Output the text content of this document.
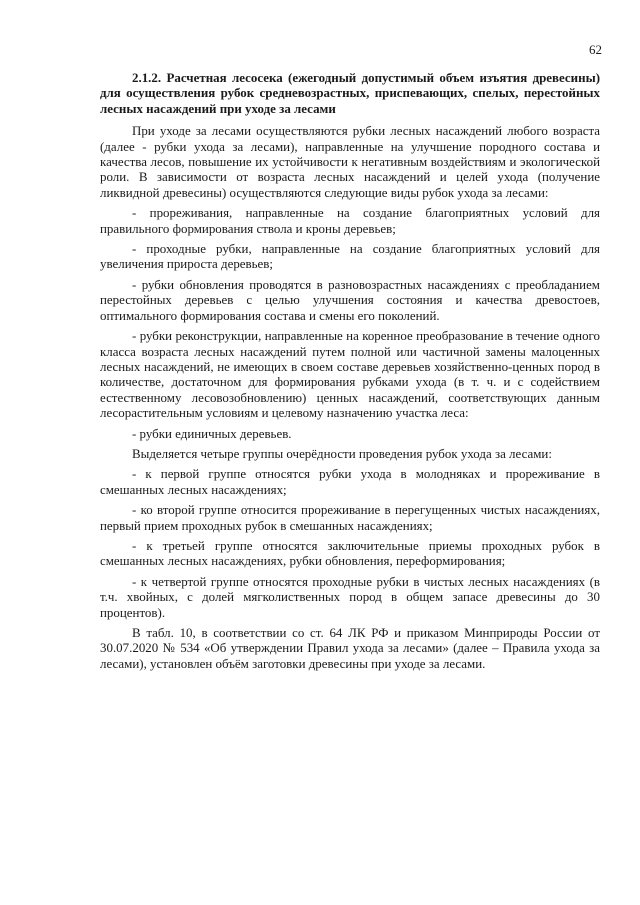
62

2.1.2. Расчетная лесосека (ежегодный допустимый объем изъятия древесины) для осуществления рубок средневозрастных, приспевающих, спелых, перестойных лесных насаждений при уходе за лесами

При уходе за лесами осуществляются рубки лесных насаждений любого возраста (далее - рубки ухода за лесами), направленные на улучшение породного состава и качества лесов, повышение их устойчивости к негативным воздействиям и экологической роли. В зависимости от возраста лесных насаждений и целей ухода (получение ликвидной древесины) осуществляются следующие виды рубок ухода за лесами:

- прореживания, направленные на создание благоприятных условий для правильного формирования ствола и кроны деревьев;

- проходные рубки, направленные на создание благоприятных условий для увеличения прироста деревьев;

- рубки обновления проводятся в разновозрастных насаждениях с преобладанием перестойных деревьев с целью улучшения состояния и качества древостоев, оптимального формирования состава и смены его поколений.

- рубки реконструкции, направленные на коренное преобразование в течение одного класса возраста лесных насаждений путем полной или частичной замены малоценных лесных насаждений, не имеющих в своем составе деревьев хозяйственно-ценных пород в количестве, достаточном для формирования рубками ухода (в т. ч. и с содействием естественному лесовозобновлению) ценных насаждений, соответствующих данным лесорастительным условиям и целевому назначению участка леса:

- рубки единичных деревьев.

Выделяется четыре группы очерёдности проведения рубок ухода за лесами:

- к первой группе относятся рубки ухода в молодняках и прореживание в смешанных лесных насаждениях;

- ко второй группе относится прореживание в перегущенных чистых насаждениях, первый прием проходных рубок в смешанных насаждениях;

- к третьей группе относятся заключительные приемы проходных рубок в смешанных лесных насаждениях, рубки обновления, переформирования;

- к четвертой группе относятся проходные рубки в чистых лесных насаждениях (в т.ч. хвойных, с долей мягколиственных пород в общем запасе древесины до 30 процентов).

В табл. 10, в соответствии со ст. 64 ЛК РФ и приказом Минприроды России от 30.07.2020 № 534 «Об утверждении Правил ухода за лесами» (далее – Правила ухода за лесами), установлен объём заготовки древесины при уходе за лесами.
